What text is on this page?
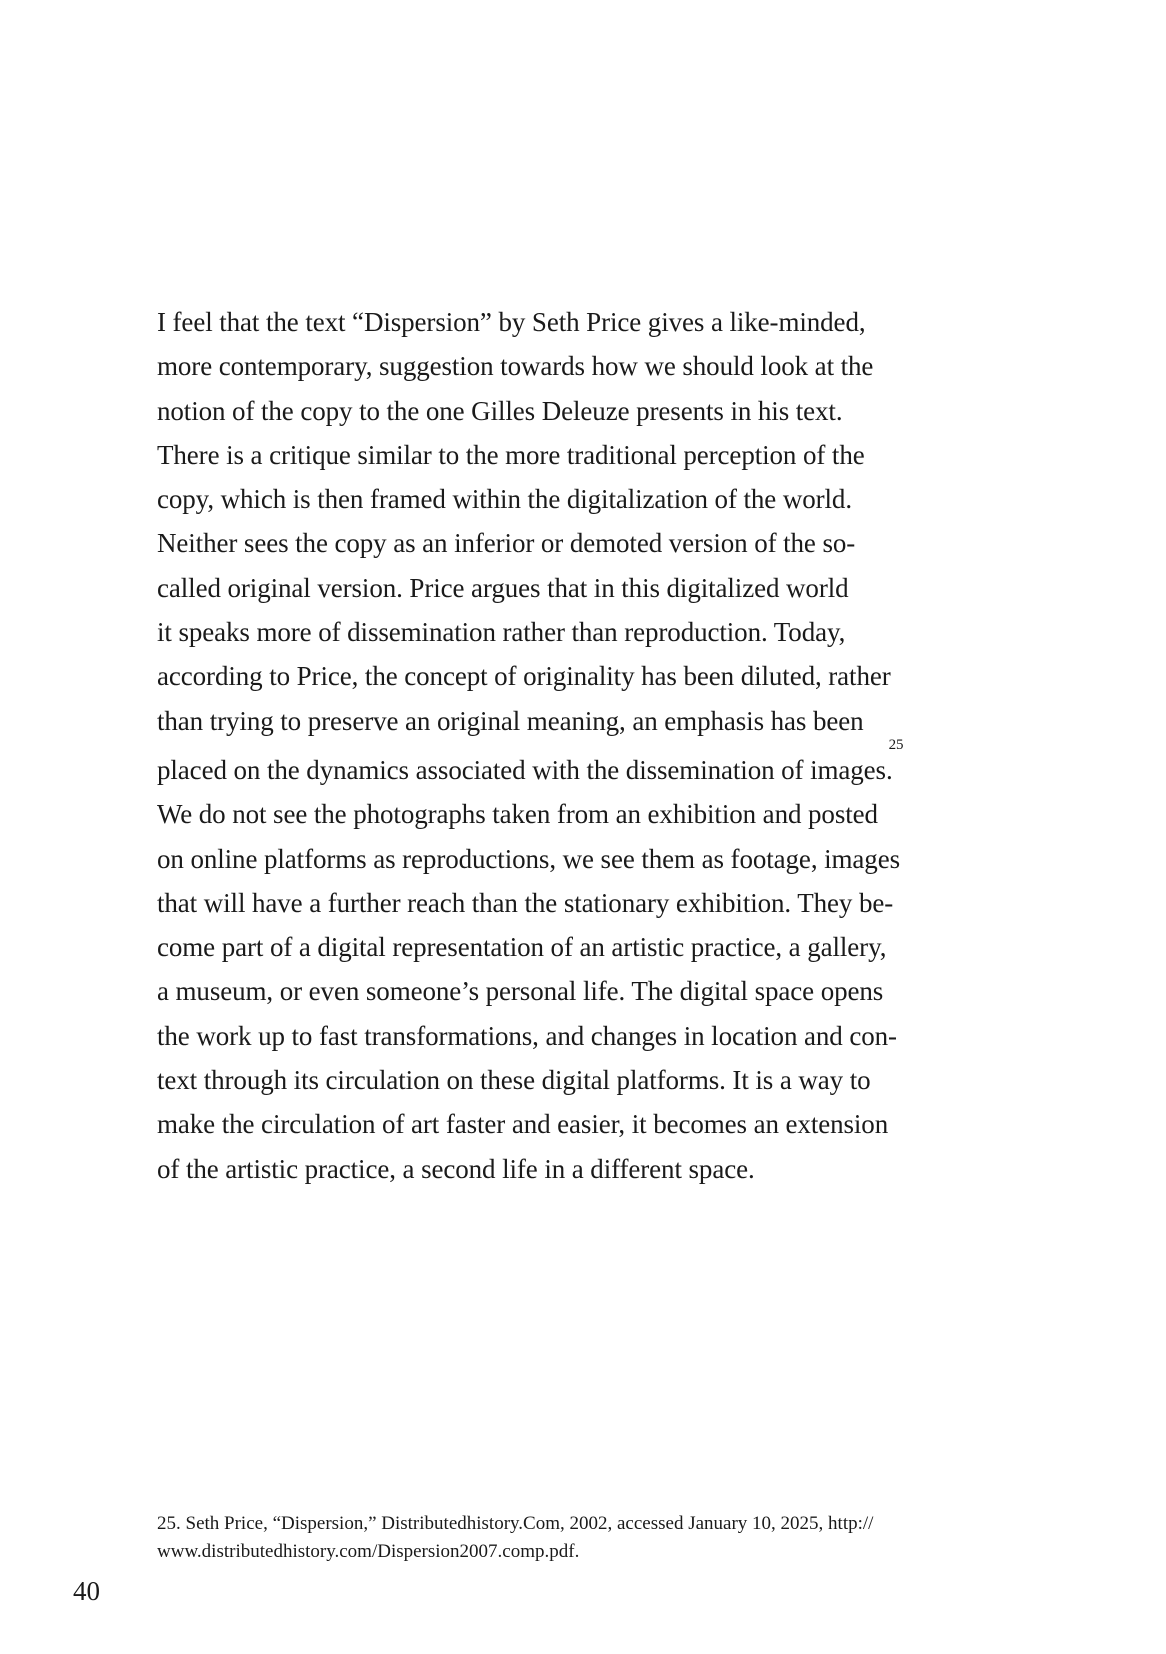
I feel that the text “Dispersion” by Seth Price gives a like-minded,
more contemporary, suggestion towards how we should look at the
notion of the copy to the one Gilles Deleuze presents in his text.
There is a critique similar to the more traditional perception of the
copy, which is then framed within the digitalization of the world.
Neither sees the copy as an inferior or demoted version of the so-
called original version. Price argues that in this digitalized world
it speaks more of dissemination rather than reproduction. Today,
according to Price, the concept of originality has been diluted, rather
than trying to preserve an original meaning, an emphasis has been
placed on the dynamics associated with the dissemination of images.$^{25}$
We do not see the photographs taken from an exhibition and posted
on online platforms as reproductions, we see them as footage, images
that will have a further reach than the stationary exhibition. They be-
come part of a digital representation of an artistic practice, a gallery,
a museum, or even someone’s personal life. The digital space opens
the work up to fast transformations, and changes in location and con-
text through its circulation on these digital platforms. It is a way to
make the circulation of art faster and easier, it becomes an extension
of the artistic practice, a second life in a different space.
25. Seth Price, “Dispersion,” Distributedhistory.Com, 2002, accessed January 10, 2025, http://
www.distributedhistory.com/Dispersion2007.comp.pdf.
40
